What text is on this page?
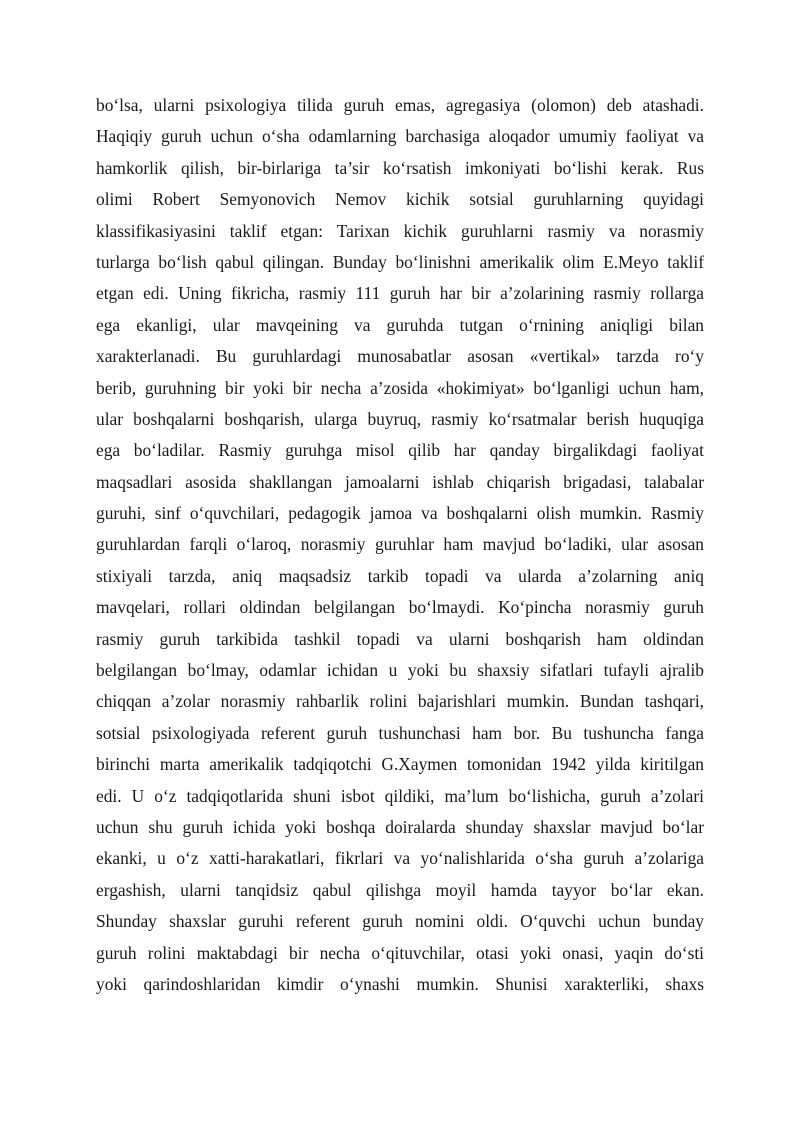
bo‘lsa, ularni psixologiya tilida guruh emas, agregasiya (olomon) deb atashadi.
Haqiqiy guruh uchun o‘sha odamlarning barchasiga aloqador umumiy faoliyat va
hamkorlik qilish, bir-birlariga ta’sir ko‘rsatish imkoniyati bo‘lishi kerak. Rus
olimi Robert Semyonovich Nemov kichik sotsial guruhlarning quyidagi
klassifikasiyasini taklif etgan: Tarixan kichik guruhlarni rasmiy va norasmiy
turlarga bo‘lish qabul qilingan. Bunday bo‘linishni amerikalik olim E.Meyo taklif
etgan edi. Uning fikricha, rasmiy 111 guruh har bir a’zolarining rasmiy rollarga
ega ekanligi, ular mavqeining va guruhda tutgan o‘rnining aniqligi bilan
xarakterlanadi. Bu guruhlardagi munosabatlar asosan «vertikal» tarzda ro‘y
berib, guruhning bir yoki bir necha a’zosida «hokimiyat» bo‘lganligi uchun ham,
ular boshqalarni boshqarish, ularga buyruq, rasmiy ko‘rsatmalar berish huquqiga
ega bo‘ladilar. Rasmiy guruhga misol qilib har qanday birgalikdagi faoliyat
maqsadlari asosida shakllangan jamoalarni ishlab chiqarish brigadasi, talabalar
guruhi, sinf o‘quvchilari, pedagogik jamoa va boshqalarni olish mumkin. Rasmiy
guruhlardan farqli o‘laroq, norasmiy guruhlar ham mavjud bo‘ladiki, ular asosan
stixiyali tarzda, aniq maqsadsiz tarkib topadi va ularda a’zolarning aniq
mavqelari, rollari oldindan belgilangan bo‘lmaydi. Ko‘pincha norasmiy guruh
rasmiy guruh tarkibida tashkil topadi va ularni boshqarish ham oldindan
belgilangan bo‘lmay, odamlar ichidan u yoki bu shaxsiy sifatlari tufayli ajralib
chiqqan a’zolar norasmiy rahbarlik rolini bajarishlari mumkin. Bundan tashqari,
sotsial psixologiyada referent guruh tushunchasi ham bor. Bu tushuncha fanga
birinchi marta amerikalik tadqiqotchi G.Xaymen tomonidan 1942 yilda kiritilgan
edi. U o‘z tadqiqotlarida shuni isbot qildiki, ma’lum bo‘lishicha, guruh a’zolari
uchun shu guruh ichida yoki boshqa doiralarda shunday shaxslar mavjud bo‘lar
ekanki, u o‘z xatti-harakatlari, fikrlari va yo‘nalishlarida o‘sha guruh a’zolariga
ergashish, ularni tanqidsiz qabul qilishga moyil hamda tayyor bo‘lar ekan.
Shunday shaxslar guruhi referent guruh nomini oldi. O‘quvchi uchun bunday
guruh rolini maktabdagi bir necha o‘qituvchilar, otasi yoki onasi, yaqin do‘sti
yoki qarindoshlaridan kimdir o‘ynashi mumkin. Shunisi xarakterliki, shaxs
